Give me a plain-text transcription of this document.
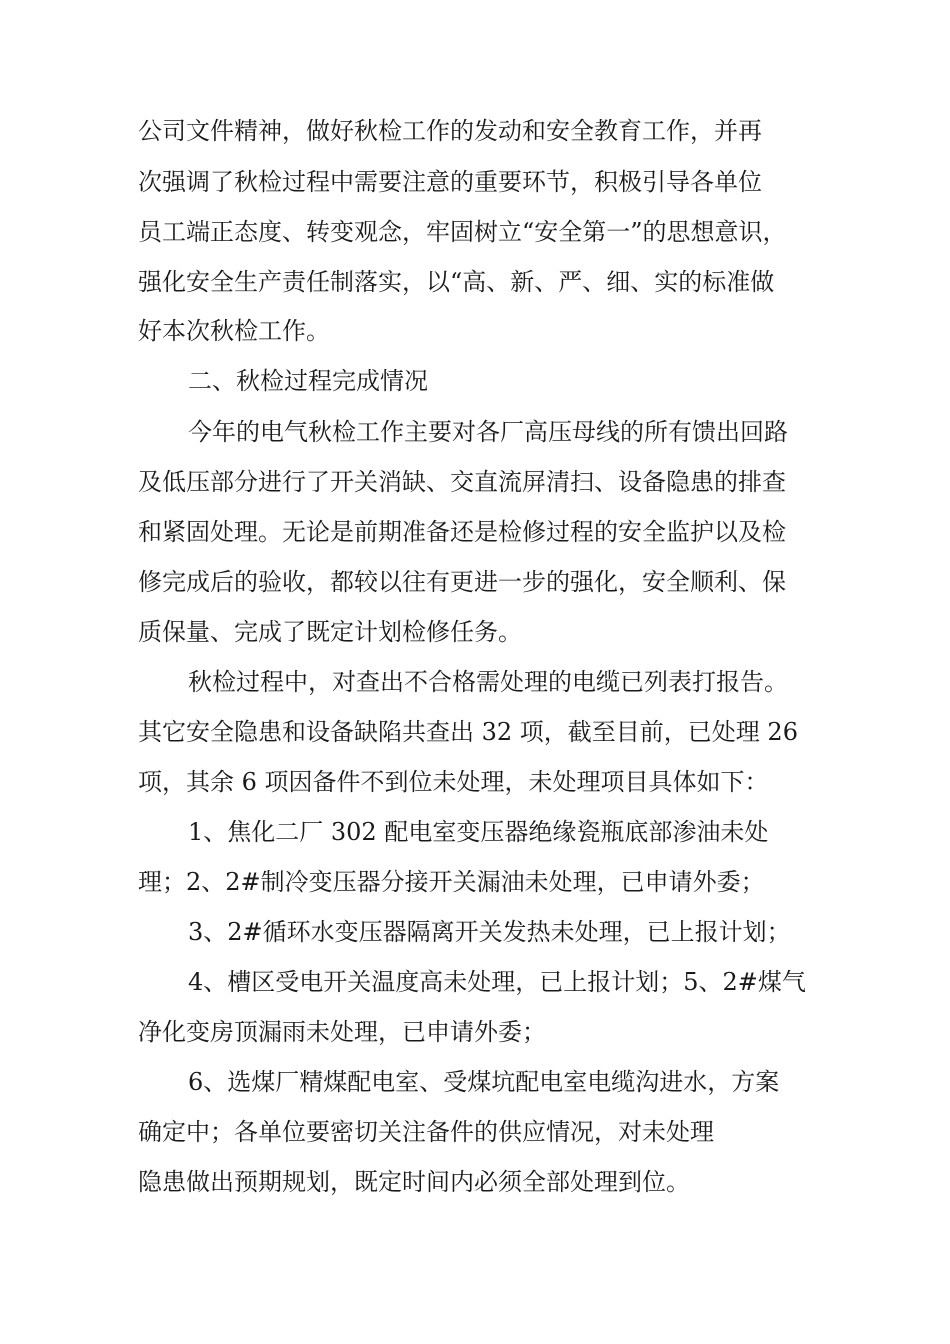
公司文件精神，做好秋检工作的发动和安全教育工作，并再

次强调了秋检过程中需要注意的重要环节，积极引导各单位

员工端正态度、转变观念，牢固树立“安全第一”的思想意识，

强化安全生产责任制落实，以“高、新、严、细、实的标准做

好本次秋检工作。

二、秋检过程完成情况

今年的电气秋检工作主要对各厂高压母线的所有馈出回路

及低压部分进行了开关消缺、交直流屏清扫、设备隐患的排查

和紧固处理。无论是前期准备还是检修过程的安全监护以及检

修完成后的验收，都较以往有更进一步的强化，安全顺利、保

质保量、完成了既定计划检修任务。

秋检过程中，对查出不合格需处理的电缆已列表打报告。

其它安全隐患和设备缺陷共查出 32 项，截至目前，已处理 26

项，其余 6 项因备件不到位未处理，未处理项目具体如下：

1、焦化二厂 302 配电室变压器绝缘瓷瓶底部渗油未处

理；2、2#制冷变压器分接开关漏油未处理，已申请外委；

3、2#循环水变压器隔离开关发热未处理，已上报计划；

4、槽区受电开关温度高未处理，已上报计划；5、2#煤气

净化变房顶漏雨未处理，已申请外委；

6、选煤厂精煤配电室、受煤坑配电室电缆沟进水，方案

确定中；各单位要密切关注备件的供应情况，对未处理

隐患做出预期规划，既定时间内必须全部处理到位。
